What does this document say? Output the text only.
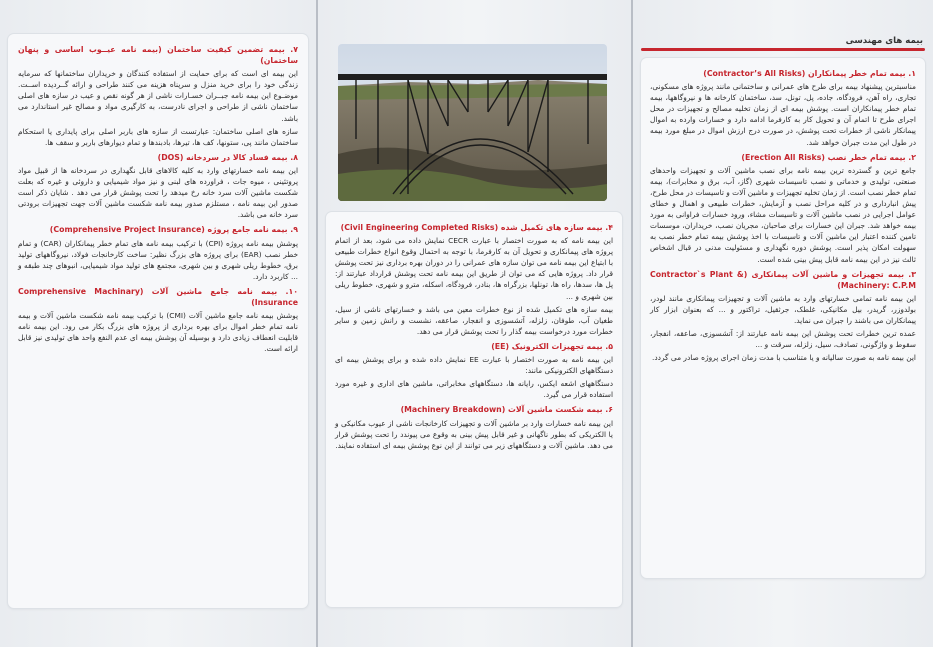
۷. بیمه تضمین کیفیت ساختمان (بیمه نامه عیــوب اساسی و پنهان ساختمان)
این بیمه ای است که برای حمایت از استفاده کنندگان و خریداران ساختمانها که سرمایه زندگی خود را برای خرید منزل و سرپناه هزینه می کنند طراحی و ارائه گــردیده اســت. موضـوع این بیمه نامه جبــران خسـارات ناشی از هر گونه نقص و عیب در سازه های اصلی ساختمان ناشی از طراحی و اجرای نادرست، به کارگیری مواد و مصالح غیر استاندارد می باشد.
سازه های اصلی ساختمان: عبارتست از سازه های باربر اصلی برای پایداری یا استحکام ساختمان مانند پی، ستونها، کف ها، تیرها، بادبندها و تمام دیوارهای باربر و سقف ها.
۸. بیمه فساد کالا در سردخانه (DOS)
این بیمه نامه خسارتهای وارد به کلیه کالاهای قابل نگهداری در سردخانه ها از قبیل مواد پروتئینی ، میوه جات ، فراورده های لبنی و نیز مواد شیمیایی و داروئی و غیره که بعلت شکست ماشین آلات سرد خانه رخ میدهد را تحت پوشش قرار می دهد . شایان ذکر است صدور این بیمه نامه ، مستلزم صدور بیمه نامه شکست ماشین آلات جهت تجهیزات برودتی سرد خانه می باشد.
۹. بیمه نامه جامع پروژه (Comprehensive Project Insurance)
پوشش بیمه نامه پروژه (CPI) با ترکیب بیمه نامه های تمام خطر پیمانکاران (CAR) و تمام خطر نصب (EAR) برای پروژه های بزرگ نظیر: ساخت کارخانجات فولاد، نیروگاههای تولید برق، خطوط ریلی شهری و بین شهری، مجتمع های تولید مواد شیمیایی، انبوهای چند طبقه و ... کاربرد دارد.
۱۰. بیمه نامه جامع ماشین آلات (Comprehensive Machinary Insurance)
پوشش بیمه نامه جامع ماشین آلات (CMI) با ترکیب بیمه نامه شکست ماشین آلات و بیمه نامه تمام خطر اموال برای بهره برداری از پروژه های بزرگ بکار می رود. این بیمه نامه قابلیت انعطاف زیادی دارد و بوسیله آن پوشش بیمه ای عدم النفع واحد های تولیدی نیز قابل ارائه است.
۴. بیمه سازه های تکمیل شده (Civil Engineering Completed Risks)
این بیمه نامه که به صورت اختصار با عبارت CECR نمایش داده می شود، بعد از اتمام پروژه های پیمانکاری و تحویل آن به کارفرما، با توجه به احتمال وقوع انواع خطرات طبیعی با ابتیاع این بیمه نامه می توان سازه های عمرانی را در دوران بهره برداری نیز تحت پوشش قرار داد. پروژه هایی که می توان از طریق این بیمه نامه تحت پوشش قرارداد عبارتند از: پل ها، سدها، راه ها، تونلها، بزرگراه ها، بنادر، فرودگاه، اسکله، مترو و شهری، خطوط ریلی بین شهری و ...
بیمه سازه های تکمیل شده از نوع خطرات معین می باشد و خسارتهای ناشی از سیل، طغیان آب، طوفان، زلزله، آتشسوزی و انفجار، صاعقه، نشست و رانش زمین و سایر خطرات مورد درخواست بیمه گذار را تحت پوشش قرار می دهد.
۵. بیمه تجهیزات الکترونیک (EE)
این بیمه نامه به صورت اختصار با عبارت EE نمایش داده شده و برای پوشش بیمه ای دستگاههای الکترونیکی مانند:
دستگاههای اشعه ایکس، رایانه ها، دستگاههای مخابراتی، ماشین های اداری و غیره مورد استفاده قرار می گیرد.
۶. بیمه شکست ماشین آلات (Machinery Breakdown)
این بیمه نامه خسارات وارد بر ماشین آلات و تجهیزات کارخانجات ناشی از عیوب مکانیکی و یا الکتریکی که بطور ناگهانی و غیر قابل پیش بینی به وقوع می پیوندد را تحت پوشش قرار می دهد. ماشین آلات و دستگاههای زیر می توانند از این نوع پوشش بیمه ای استفاده نمایند.
بیمه های مهندسی
۱. بیمه تمام خطر پیمانکاران (Contractor’s All Risks)
مناسبترین پیشنهاد بیمه برای طرح های عمرانی و ساختمانی مانند پروژه های مسکونی، تجاری، راه آهن، فرودگاه، جاده، پل، تونل، سد، ساختمان کارخانه ها و نیروگاهها، بیمه تمام خطر پیمانکاران است. پوشش بیمه ای از زمان تخلیه مصالح و تجهیزات در محل اجرای طرح تا اتمام آن و تحویل کار به کارفرما ادامه دارد و خسارات وارده به اموال پیمانکار ناشی از خطرات تحت پوشش، در صورت درج ارزش اموال در مبلغ مورد بیمه در طول این مدت جبران خواهد شد.
۲. بیمه تمام خطر نصب (Erection All Risks)
جامع ترین و گسترده ترین بیمه نامه برای نصب ماشین آلات و تجهیزات واحدهای صنعتی، تولیدی و خدماتی و نصب تاسیسات شهری (گاز، آب، برق و مخابرات)، بیمه تمام خطر نصب است. از زمان تخلیه تجهیزات و ماشین آلات و تاسیسات در محل طرح، پیش انبارداری و در کلیه مراحل نصب و آزمایش، خطرات طبیعی و اهمال و خطای عوامل اجرایی در نصب ماشین آلات و تاسیسات مشاء، ورود خسارات فراوانی به مورد بیمه خواهد شد. جبران این خسارات برای صاحبان، مجریان نصب، خریداران، موسسات تامین کننده اعتبار این ماشین آلات و تاسیسات با اخذ پوشش بیمه تمام خطر نصب به سهولت امکان پذیر است. پوشش دوره نگهداری و مسئولیت مدنی در قبال اشخاص ثالث نیز در این بیمه نامه قابل پیش بینی شده است.
۳. بیمه تجهیزات و ماشین آلات پیمانکاری (Contractor`s Plant & Machinery: C.P.M)
این بیمه نامه تمامی خسارتهای وارد به ماشین آلات و تجهیزات پیمانکاری مانند لودر، بولدوزر، گریدر، بیل مکانیکی، غلطک، جرثقیل، تراکتور و ... که بعنوان ابزار کار پیمانکاران می باشند را جبران می نماید.
عمده ترین خطرات تحت پوشش این بیمه نامه عبارتند از: آتشسوزی، صاعقه، انفجار، سقوط و واژگونی، تصادف، سیل، زلزله، سرقت و ...
این بیمه نامه به صورت سالیانه و یا متناسب با مدت زمان اجرای پروژه صادر می گردد.
